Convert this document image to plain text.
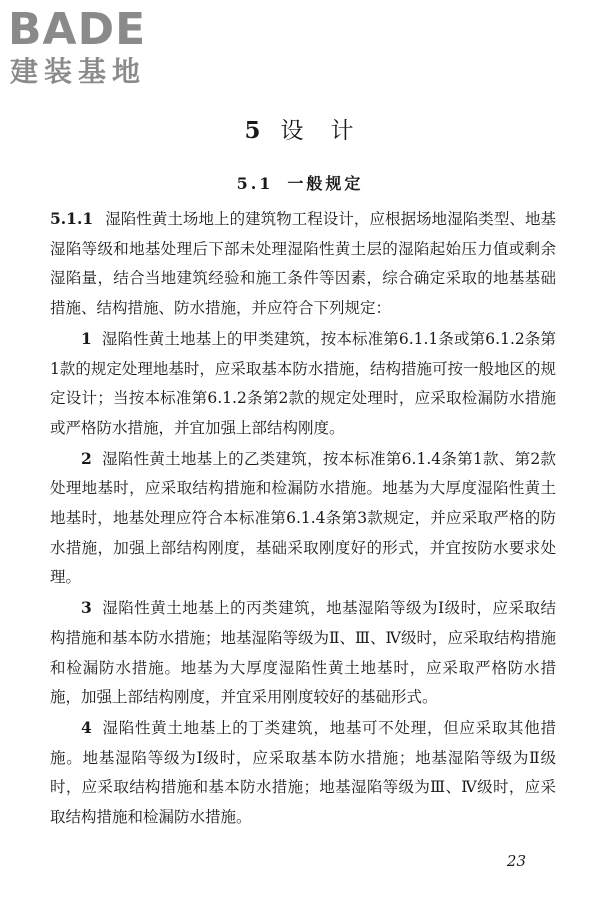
BADE
建装基地
5 设　计
5.1 一般规定

5.1.1 湿陷性黄土场地上的建筑物工程设计，应根据场地湿陷类型、地基湿陷等级和地基处理后下部未处理湿陷性黄土层的湿陷起始压力值或剩余湿陷量，结合当地建筑经验和施工条件等因素，综合确定采取的地基基础措施、结构措施、防水措施，并应符合下列规定：

1 湿陷性黄土地基上的甲类建筑，按本标准第6.1.1条或第6.1.2条第1款的规定处理地基时，应采取基本防水措施，结构措施可按一般地区的规定设计；当按本标准第6.1.2条第2款的规定处理时，应采取检漏防水措施或严格防水措施，并宜加强上部结构刚度。

2 湿陷性黄土地基上的乙类建筑，按本标准第6.1.4条第1款、第2款处理地基时，应采取结构措施和检漏防水措施。地基为大厚度湿陷性黄土地基时，地基处理应符合本标准第6.1.4条第3款规定，并应采取严格的防水措施，加强上部结构刚度，基础采取刚度好的形式，并宜按防水要求处理。

3 湿陷性黄土地基上的丙类建筑，地基湿陷等级为Ⅰ级时，应采取结构措施和基本防水措施；地基湿陷等级为Ⅱ、Ⅲ、Ⅳ级时，应采取结构措施和检漏防水措施。地基为大厚度湿陷性黄土地基时，应采取严格防水措施，加强上部结构刚度，并宜采用刚度较好的基础形式。

4 湿陷性黄土地基上的丁类建筑，地基可不处理，但应采取其他措施。地基湿陷等级为Ⅰ级时，应采取基本防水措施；地基湿陷等级为Ⅱ级时，应采取结构措施和基本防水措施；地基湿陷等级为Ⅲ、Ⅳ级时，应采取结构措施和检漏防水措施。

23
